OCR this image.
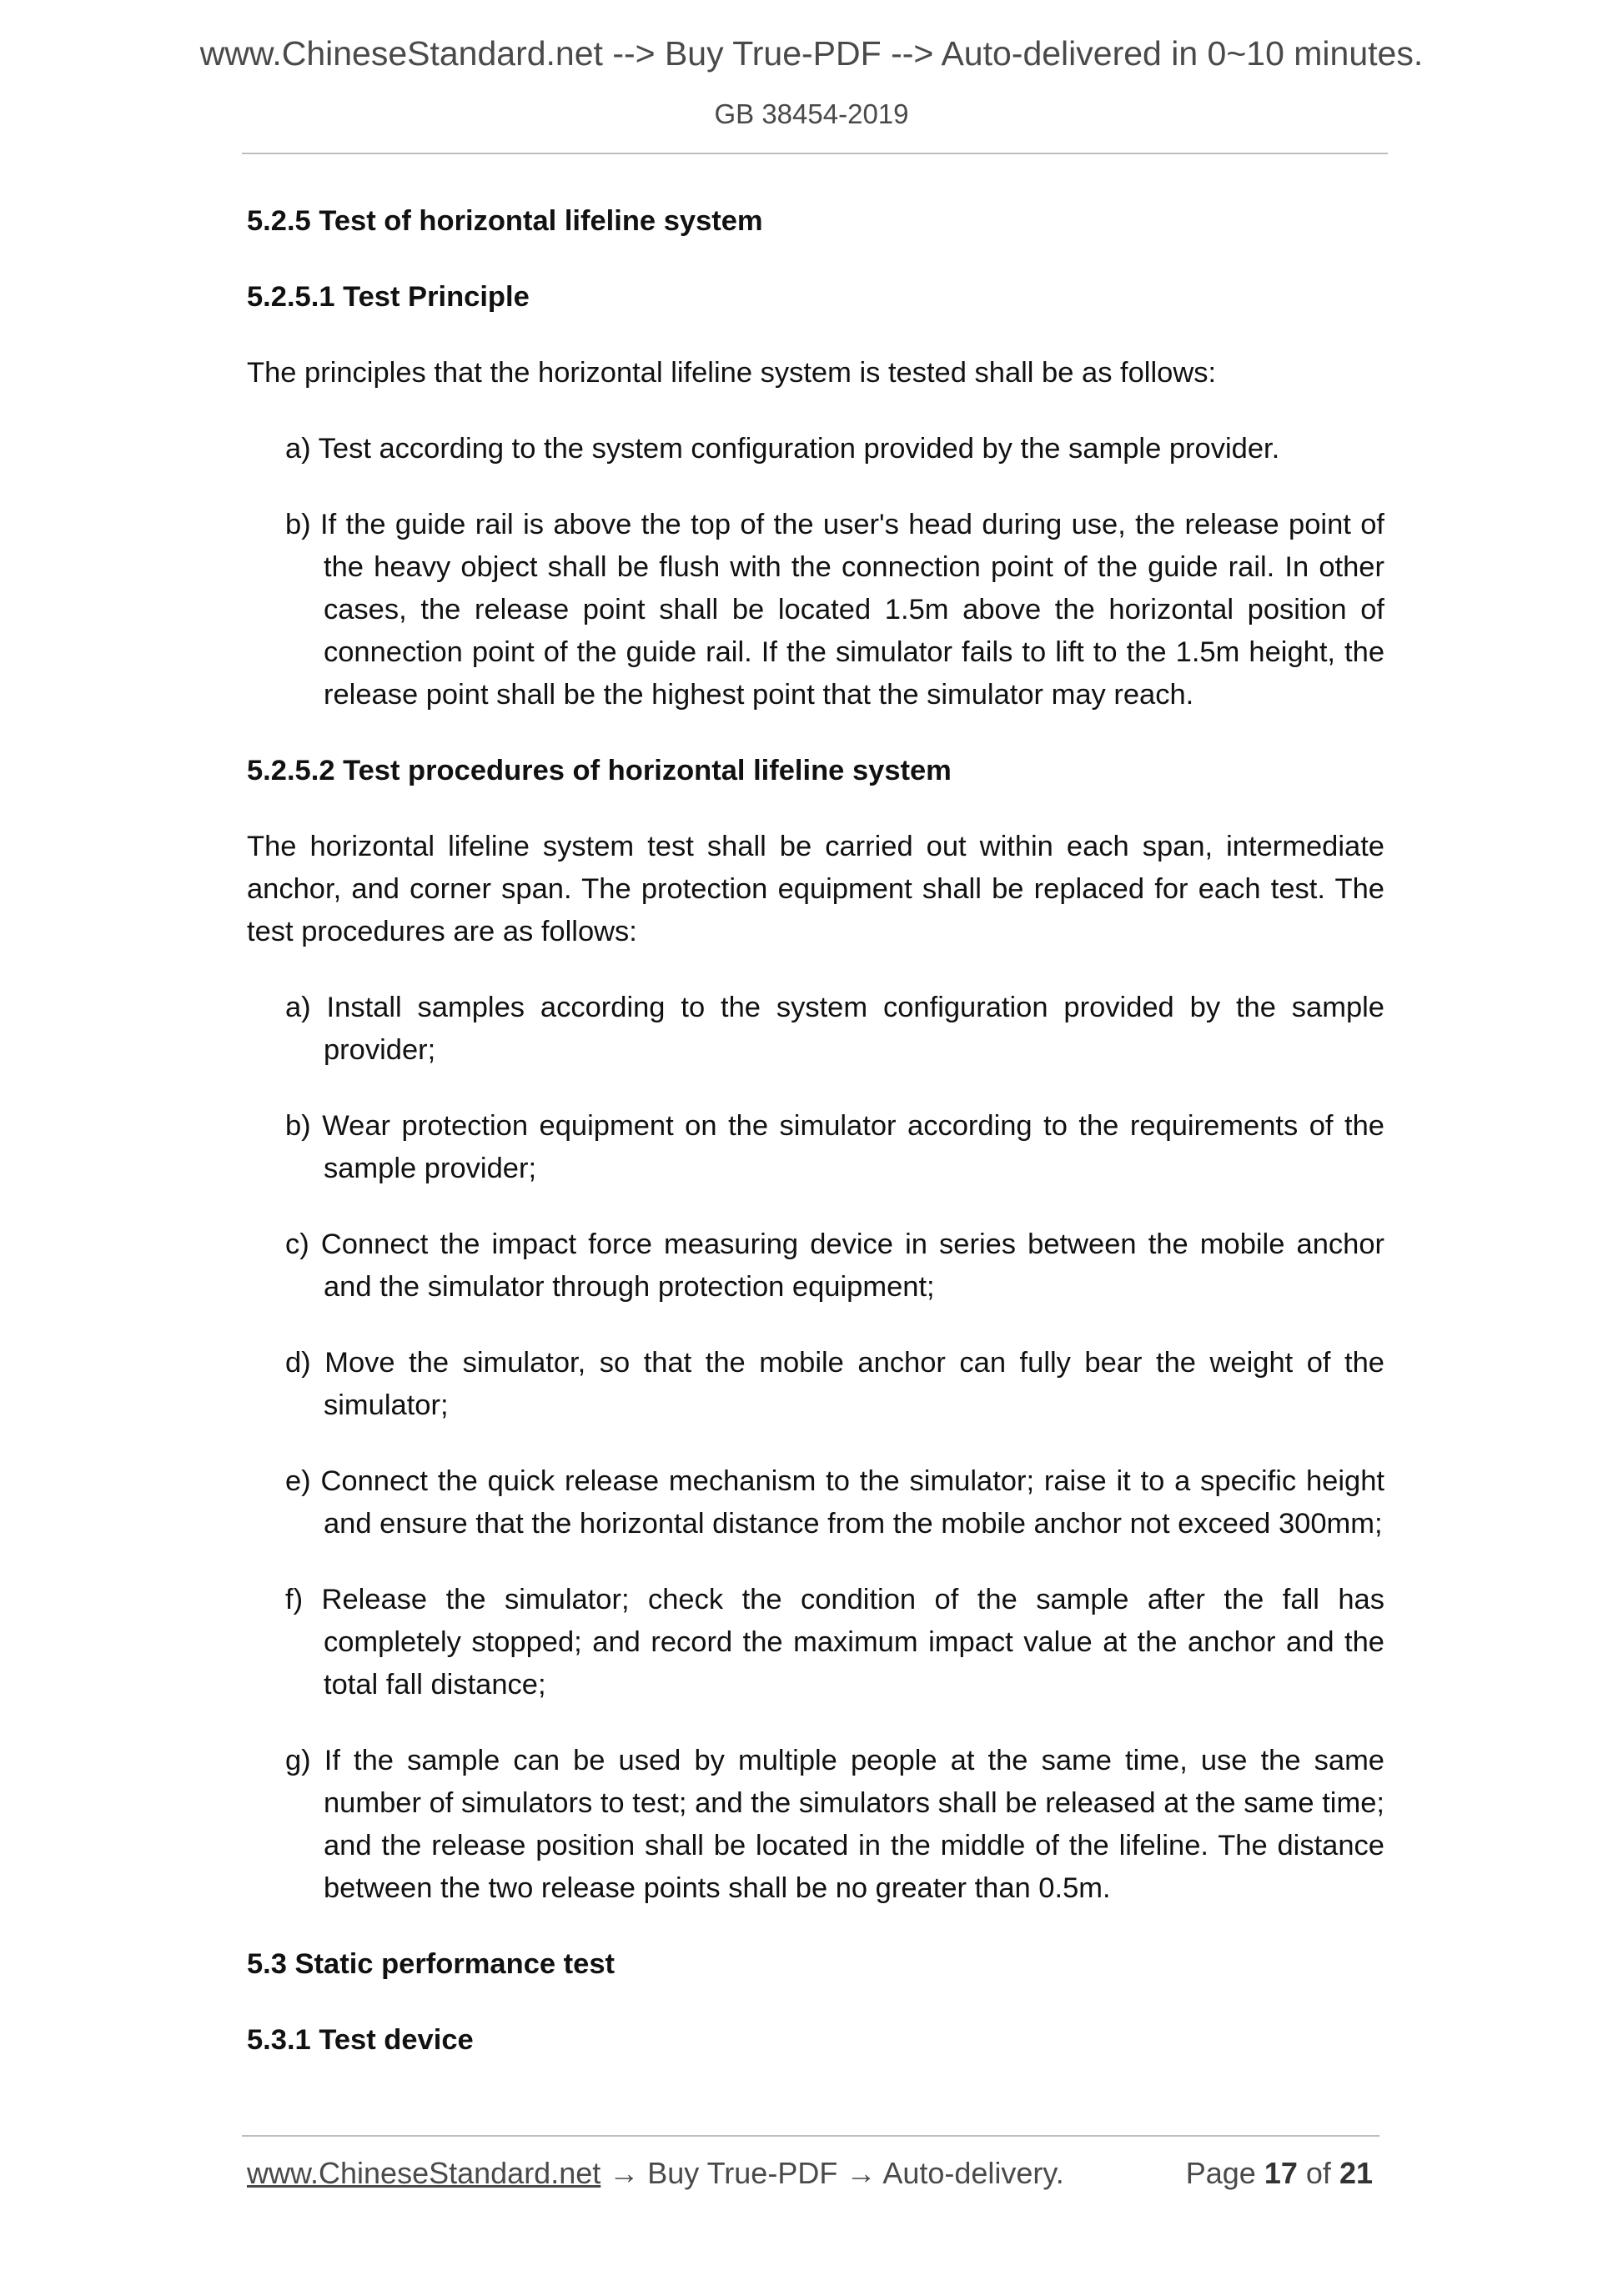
www.ChineseStandard.net --> Buy True-PDF --> Auto-delivered in 0~10 minutes.
GB 38454-2019
5.2.5 Test of horizontal lifeline system
5.2.5.1 Test Principle
The principles that the horizontal lifeline system is tested shall be as follows:
a) Test according to the system configuration provided by the sample provider.
b) If the guide rail is above the top of the user's head during use, the release point of the heavy object shall be flush with the connection point of the guide rail. In other cases, the release point shall be located 1.5m above the horizontal position of connection point of the guide rail. If the simulator fails to lift to the 1.5m height, the release point shall be the highest point that the simulator may reach.
5.2.5.2 Test procedures of horizontal lifeline system
The horizontal lifeline system test shall be carried out within each span, intermediate anchor, and corner span. The protection equipment shall be replaced for each test. The test procedures are as follows:
a) Install samples according to the system configuration provided by the sample provider;
b) Wear protection equipment on the simulator according to the requirements of the sample provider;
c) Connect the impact force measuring device in series between the mobile anchor and the simulator through protection equipment;
d) Move the simulator, so that the mobile anchor can fully bear the weight of the simulator;
e) Connect the quick release mechanism to the simulator; raise it to a specific height and ensure that the horizontal distance from the mobile anchor not exceed 300mm;
f) Release the simulator; check the condition of the sample after the fall has completely stopped; and record the maximum impact value at the anchor and the total fall distance;
g) If the sample can be used by multiple people at the same time, use the same number of simulators to test; and the simulators shall be released at the same time; and the release position shall be located in the middle of the lifeline. The distance between the two release points shall be no greater than 0.5m.
5.3 Static performance test
5.3.1 Test device
www.ChineseStandard.net → Buy True-PDF → Auto-delivery.	Page 17 of 21
